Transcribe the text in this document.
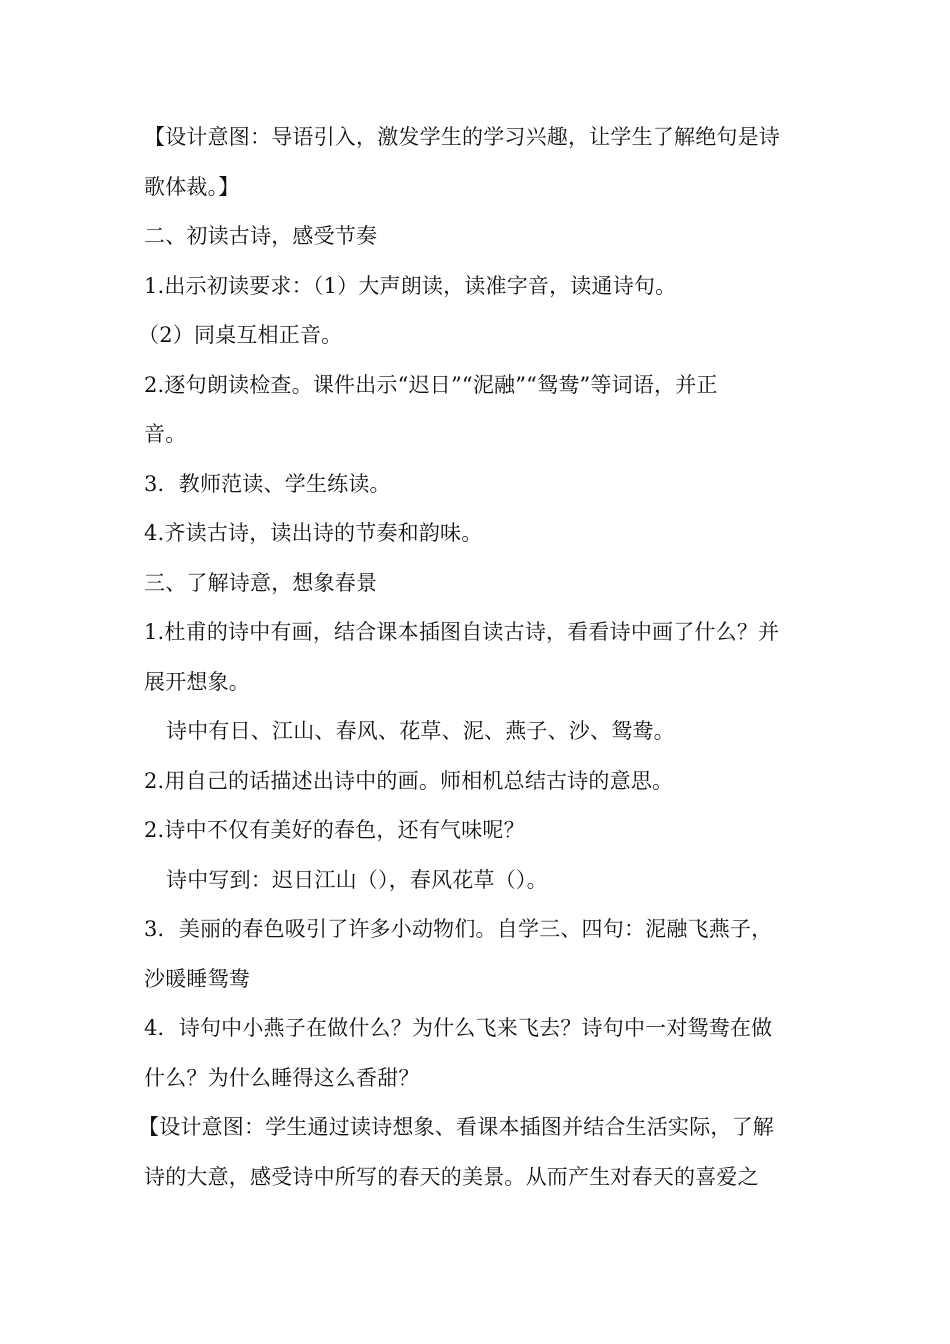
【设计意图：导语引入，激发学生的学习兴趣，让学生了解绝句是诗
歌体裁。】
二、初读古诗，感受节奏
1.出示初读要求：（1）大声朗读，读准字音，读通诗句。
（2）同桌互相正音。
2.逐句朗读检查。课件出示“迟日”“泥融”“鸳鸯”等词语，并正
音。
3．教师范读、学生练读。
4.齐读古诗，读出诗的节奏和韵味。
三、了解诗意，想象春景
1.杜甫的诗中有画，结合课本插图自读古诗，看看诗中画了什么？并
展开想象。
诗中有日、江山、春风、花草、泥、燕子、沙、鸳鸯。
2.用自己的话描述出诗中的画。师相机总结古诗的意思。
2.诗中不仅有美好的春色，还有气味呢？
诗中写到：迟日江山（），春风花草（）。
3．美丽的春色吸引了许多小动物们。自学三、四句：泥融飞燕子，
沙暖睡鸳鸯
4．诗句中小燕子在做什么？为什么飞来飞去？诗句中一对鸳鸯在做
什么？为什么睡得这么香甜？
【设计意图：学生通过读诗想象、看课本插图并结合生活实际，了解
诗的大意，感受诗中所写的春天的美景。从而产生对春天的喜爱之
